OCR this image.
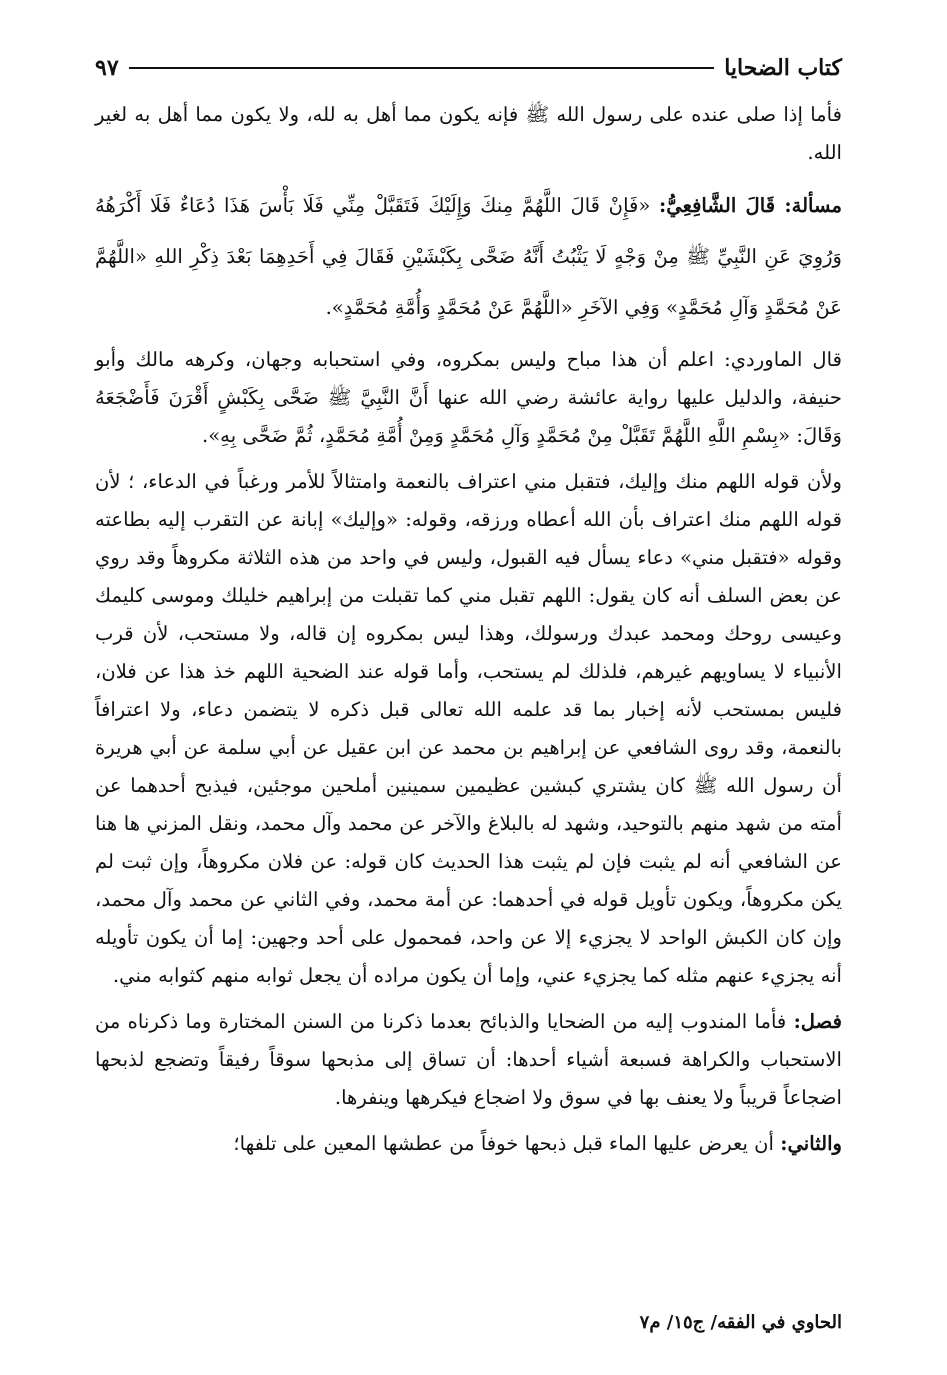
كتاب الضحايا
٩٧

فأما إذا صلى عنده على رسول الله ﷺ فإنه يكون مما أهل به لله، ولا يكون مما أهل به لغير الله.

مسألة: قَالَ الشَّافِعِيُّ: «فَإِنْ قَالَ اللَّهُمَّ مِنكَ وَإِلَيْكَ فَتَقَبَّلْ مِنِّي فَلَا بَأْسَ هَذَا دُعَاءٌ فَلَا أَكْرَهُهُ وَرُوِيَ عَنِ النَّبِيِّ ﷺ مِنْ وَجْهٍ لَا يَثْبُتُ أَنَّهُ ضَحَّى بِكَبْشَيْنِ فَقَالَ فِي أَحَدِهِمَا بَعْدَ ذِكْرِ اللهِ «اللَّهُمَّ عَنْ مُحَمَّدٍ وَآلِ مُحَمَّدٍ» وَفِي الآخَرِ «اللَّهُمَّ عَنْ مُحَمَّدٍ وَأُمَّةِ مُحَمَّدٍ».

قال الماوردي: اعلم أن هذا مباح وليس بمكروه، وفي استحبابه وجهان، وكرهه مالك وأبو حنيفة، والدليل عليها رواية عائشة رضي الله عنها أَنَّ النَّبِيَّ ﷺ ضَحَّى بِكَبْشٍ أَقْرَنَ فَأَضْجَعَهُ وَقَالَ: «بِسْمِ اللَّهِ اللَّهُمَّ تَقَبَّلْ مِنْ مُحَمَّدٍ وَآلِ مُحَمَّدٍ وَمِنْ أُمَّةِ مُحَمَّدٍ، ثُمَّ ضَحَّى بِهِ».

ولأن قوله اللهم منك وإليك، فتقبل مني اعتراف بالنعمة وامتثالاً للأمر ورغباً في الدعاء، ؛ لأن قوله اللهم منك اعتراف بأن الله أعطاه ورزقه، وقوله: «وإليك» إبانة عن التقرب إليه بطاعته وقوله «فتقبل مني» دعاء يسأل فيه القبول، وليس في واحد من هذه الثلاثة مكروهاً وقد روي عن بعض السلف أنه كان يقول: اللهم تقبل مني كما تقبلت من إبراهيم خليلك وموسى كليمك وعيسى روحك ومحمد عبدك ورسولك، وهذا ليس بمكروه إن قاله، ولا مستحب، لأن قرب الأنبياء لا يساويهم غيرهم، فلذلك لم يستحب، وأما قوله عند الضحية اللهم خذ هذا عن فلان، فليس بمستحب لأنه إخبار بما قد علمه الله تعالى قبل ذكره لا يتضمن دعاء، ولا اعترافاً بالنعمة، وقد روى الشافعي عن إبراهيم بن محمد عن ابن عقيل عن أبي سلمة عن أبي هريرة أن رسول الله ﷺ كان يشتري كبشين عظيمين سمينين أملحين موجئين، فيذبح أحدهما عن أمته من شهد منهم بالتوحيد، وشهد له بالبلاغ والآخر عن محمد وآل محمد، ونقل المزني ها هنا عن الشافعي أنه لم يثبت فإن لم يثبت هذا الحديث كان قوله: عن فلان مكروهاً، وإن ثبت لم يكن مكروهاً، ويكون تأويل قوله في أحدهما: عن أمة محمد، وفي الثاني عن محمد وآل محمد، وإن كان الكبش الواحد لا يجزيء إلا عن واحد، فمحمول على أحد وجهين: إما أن يكون تأويله أنه يجزيء عنهم مثله كما يجزيء عني، وإما أن يكون مراده أن يجعل ثوابه منهم كثوابه مني.

فصل: فأما المندوب إليه من الضحايا والذبائح بعدما ذكرنا من السنن المختارة وما ذكرناه من الاستحباب والكراهة فسبعة أشياء أحدها: أن تساق إلى مذبحها سوقاً رفيقاً وتضجع لذبحها اضجاعاً قريباً ولا يعنف بها في سوق ولا اضجاع فيكرهها وينفرها.

والثاني: أن يعرض عليها الماء قبل ذبحها خوفاً من عطشها المعين على تلفها؛

الحاوي في الفقه/ ج١٥/ م٧
